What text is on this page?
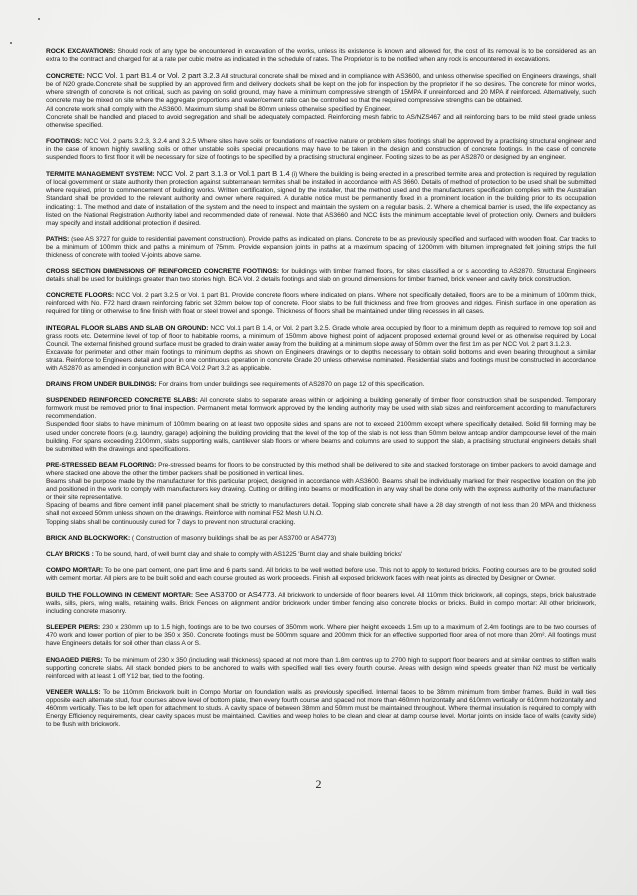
ROCK EXCAVATIONS: Should rock of any type be encountered in excavation of the works, unless its existence is known and allowed for, the cost of its removal is to be considered as an extra to the contract and charged for at a rate per cubic metre as indicated in the schedule of rates. The Proprietor is to be notified when any rock is encountered in excavations.

CONCRETE: NCC Vol. 1 part B1.4 or Vol. 2 part 3.2.3 All structural concrete shall be mixed and in compliance with AS3600, and unless otherwise specified on Engineers drawings, shall be of N20 grade.Concrete shall be supplied by an approved firm and delivery dockets shall be kept on the job for inspection by the proprietor if he so desires. The concrete for minor works, where strength of concrete is not critical, such as paving on solid ground, may have a minimum compressive strength of 15MPA if unreinforced and 20 MPA if reinforced. Alternatively, such concrete may be mixed on site where the aggregate proportions and water/cement ratio can be controlled so that the required compressive strengths can be obtained.

All concrete work shall comply with the AS3600. Maximum slump shall be 80mm unless otherwise specified by Engineer.

Concrete shall be handled and placed to avoid segregation and shall be adequately compacted. Reinforcing mesh fabric to AS/NZS467 and all reinforcing bars to be mild steel grade unless otherwise specified.

FOOTINGS: NCC Vol. 2 parts 3.2.3, 3.2.4 and 3.2.5 Where sites have soils or foundations of reactive nature or problem sites footings shall be approved by a practising structural engineer and in the case of known highly swelling soils or other unstable soils special precautions may have to be taken in the design and construction of concrete footings. In the case of concrete suspended floors to first floor it will be necessary for size of footings to be specified by a practising structural engineer. Footing sizes to be as per AS2870 or designed by an engineer.

TERMITE MANAGEMENT SYSTEM: NCC Vol. 2 part 3.1.3 or Vol.1 part B 1.4 (i) Where the building is being erected in a prescribed termite area and protection is required by regulation of local government or state authority then protection against subterranean termites shall be installed in accordance with AS 3660. Details of method of protection to be used shall be submitted where required, prior to commencement of building works. Written certification, signed by the installer, that the method used and the manufacturers specification complies with the Australian Standard shall be provided to the relevant authority and owner where required. A durable notice must be permanently fixed in a prominent location in the building prior to its occupation indicating: 1. The method and date of installation of the system and the need to inspect and maintain the system on a regular basis. 2. Where a chemical barrier is used, the life expectancy as listed on the National Registration Authority label and recommended date of renewal. Note that AS3660 and NCC lists the minimum acceptable level of protection only. Owners and builders may specify and install additional protection if desired.

PATHS: (see AS 3727 for guide to residential pavement construction). Provide paths as indicated on plans. Concrete to be as previously specified and surfaced with wooden float. Car tracks to be a minimum of 100mm thick and paths a minimum of 75mm. Provide expansion joints in paths at a maximum spacing of 1200mm with bitumen impregnated felt joining strips the full thickness of concrete with tooled V-joints above same.

CROSS SECTION DIMENSIONS OF REINFORCED CONCRETE FOOTINGS: for buildings with timber framed floors, for sites classified a or s according to AS2870. Structural Engineers details shall be used for buildings greater than two stories high. BCA Vol. 2 details footings and slab on ground dimensions for timber framed, brick veneer and cavity brick construction.

CONCRETE FLOORS: NCC Vol. 2 part 3.2.5 or Vol. 1 part B1. Provide concrete floors where indicated on plans. Where not specifically detailed, floors are to be a minimum of 100mm thick, reinforced with No. F72 hard drawn reinforcing fabric set 32mm below top of concrete. Floor slabs to be full thickness and free from grooves and ridges. Finish surface in one operation as required for tiling or otherwise to fine finish with float or steel trowel and sponge. Thickness of floors shall be maintained under tiling recesses in all cases.

INTEGRAL FLOOR SLABS AND SLAB ON GROUND: NCC Vol.1 part B 1.4, or Vol. 2 part 3.2.5. Grade whole area occupied by floor to a minimum depth as required to remove top soil and grass roots etc. Determine level of top of floor to habitable rooms, a minimum of 150mm above highest point of adjacent proposed external ground level or as otherwise required by Local Council. The external finished ground surface must be graded to drain water away from the building at a minimum slope away of 50mm over the first 1m as per NCC Vol. 2 part 3.1.2.3.

Excavate for perimeter and other main footings to minimum depths as shown on Engineers drawings or to depths necessary to obtain solid bottoms and even bearing throughout a similar strata. Reinforce to Engineers detail and pour in one continuous operation in concrete Grade 20 unless otherwise nominated. Residential slabs and footings must be constructed in accordance with AS2870 as amended in conjunction with BCA Vol.2 Part 3.2 as applicable.

DRAINS FROM UNDER BUILDINGS: For drains from under buildings see requirements of AS2870 on page 12 of this specification.

SUSPENDED REINFORCED CONCRETE SLABS: All concrete slabs to separate areas within or adjoining a building generally of timber floor construction shall be suspended. Temporary formwork must be removed prior to final inspection. Permanent metal formwork approved by the lending authority may be used with slab sizes and reinforcement according to manufacturers recommendation.

Suspended floor slabs to have minimum of 100mm bearing on at least two opposite sides and spans are not to exceed 2100mm except where specifically detailed. Solid fill forming may be used under concrete floors (e.g. laundry, garage) adjoining the building providing that the level of the top of the slab is not less than 50mm below antcap and/or dampcourse level of the main building. For spans exceeding 2100mm, slabs supporting walls, cantilever slab floors or where beams and columns are used to support the slab, a practising structural engineers details shall be submitted with the drawings and specifications.

PRE-STRESSED BEAM FLOORING: Pre-stressed beams for floors to be constructed by this method shall be delivered to site and stacked forstorage on timber packers to avoid damage and where stacked one above the other the timber packers shall be positioned in vertical lines.

Beams shall be purpose made by the manufacturer for this particular project, designed in accordance with AS3600. Beams shall be individually marked for their respective location on the job and positioned in the work to comply with manufacturers key drawing. Cutting or drilling into beams or modification in any way shall be done only with the express authority of the manufacturer or their site representative.

Spacing of beams and fibre cement infill panel placement shall be strictly to manufacturers detail. Topping slab concrete shall have a 28 day strength of not less than 20 MPA and thickness shall not exceed 50mm unless shown on the drawings. Reinforce with nominal F52 Mesh U.N.O.

Topping slabs shall be continuously cured for 7 days to prevent non structural cracking.

BRICK AND BLOCKWORK: ( Construction of masonry buildings shall be as per AS3700 or AS4773)

CLAY BRICKS : To be sound, hard, of well burnt clay and shale to comply with AS1225 'Burnt clay and shale building bricks'

COMPO MORTAR: To be one part cement, one part lime and 6 parts sand. All bricks to be well wetted before use. This not to apply to textured bricks. Footing courses are to be grouted solid with cement mortar. All piers are to be built solid and each course grouted as work proceeds. Finish all exposed brickwork faces with neat joints as directed by Designer or Owner.

BUILD THE FOLLOWING IN CEMENT MORTAR: See AS3700 or AS4773. All brickwork to underside of floor bearers level. All 110mm thick brickwork, all copings, steps, brick balustrade walls, sills, piers, wing walls, retaining walls. Brick Fences on alignment and/or brickwork under timber fencing also concrete blocks or bricks. Build in compo mortar: All other brickwork, including concrete masonry.

SLEEPER PIERS: 230 x 230mm up to 1.5 high, footings are to be two courses of 350mm work. Where pier height exceeds 1.5m up to a maximum of 2.4m footings are to be two courses of 470 work and lower portion of pier to be 350 x 350. Concrete footings must be 500mm square and 200mm thick for an effective supported floor area of not more than 20m². All footings must have Engineers details for soil other than class A or S.

ENGAGED PIERS: To be minimum of 230 x 350 (including wall thickness) spaced at not more than 1.8m centres up to 2700 high to support floor bearers and at similar centres to stiffen walls supporting concrete slabs. All stack bonded piers to be anchored to walls with specified wall ties every fourth course. Areas with design wind speeds greater than N2 must be vertically reinforced with at least 1 off Y12 bar, tied to the footing.

VENEER WALLS: To be 110mm Brickwork built in Compo Mortar on foundation walls as previously specified. Internal faces to be 38mm minimum from timber frames. Build in wall ties opposite each alternate stud, four courses above level of bottom plate, then every fourth course and spaced not more than 460mm horizontally and 610mm vertically or 610mm horizontally and 460mm vertically. Ties to be left open for attachment to studs. A cavity space of between 38mm and 50mm must be maintained throughout. Where thermal insulation is required to comply with Energy Efficiency requirements, clear cavity spaces must be maintained. Cavities and weep holes to be clean and clear at damp course level. Mortar joints on inside face of walls (cavity side) to be flush with brickwork.

2
